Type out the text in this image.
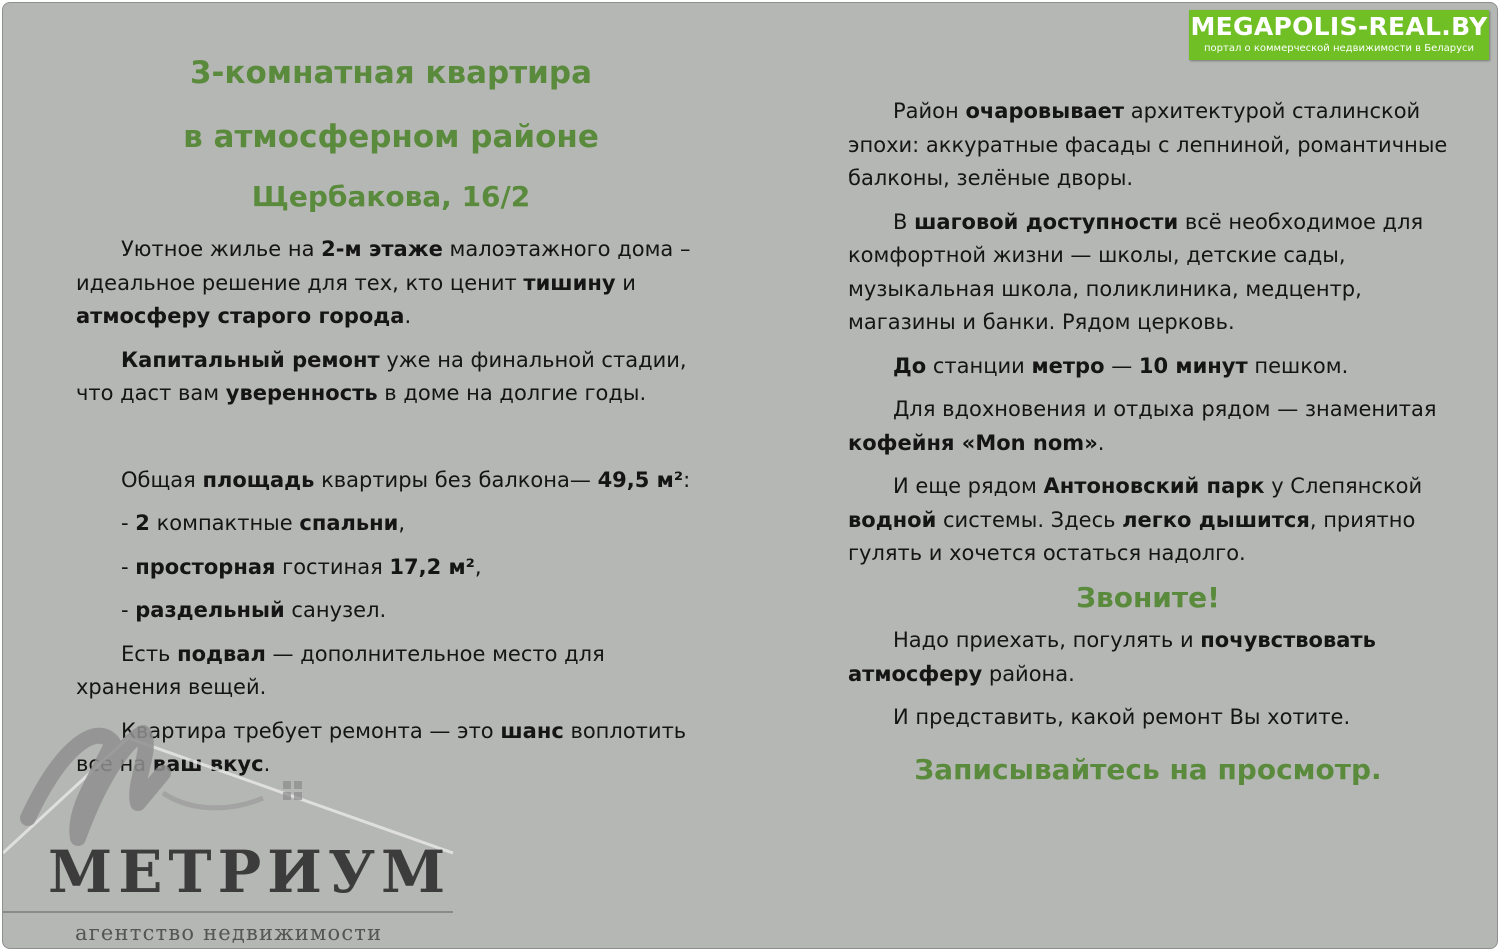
3-комнатная квартира
в атмосферном районе
Щербакова, 16/2

Уютное жилье на 2-м этаже малоэтажного дома – идеальное решение для тех, кто ценит тишину и атмосферу старого города.

Капитальный ремонт уже на финальной стадии, что даст вам уверенность в доме на долгие годы.

Общая площадь квартиры без балкона— 49,5 м²:

- 2 компактные спальни,

- просторная гостиная 17,2 м²,

- раздельный санузел.

Есть подвал — дополнительное место для хранения вещей.

Квартира требует ремонта — это шанс воплотить все на ваш вкус.

Район очаровывает архитектурой сталинской эпохи: аккуратные фасады с лепниной, романтичные балконы, зелёные дворы.

В шаговой доступности всё необходимое для комфортной жизни — школы, детские сады, музыкальная школа, поликлиника, медцентр, магазины и банки. Рядом церковь.

До станции метро — 10 минут пешком.

Для вдохновения и отдыха рядом — знаменитая кофейня «Mon nom».

И еще рядом Антоновский парк у Слепянской водной системы. Здесь легко дышится, приятно гулять и хочется остаться надолго.

Звоните!

Надо приехать, погулять и почувствовать атмосферу района.

И представить, какой ремонт Вы хотите.

Записывайтесь на просмотр.

MEGAPOLIS-REAL.BY
портал о коммерческой недвижимости в Беларуси
МЕТРИУМ
агентство недвижимости
